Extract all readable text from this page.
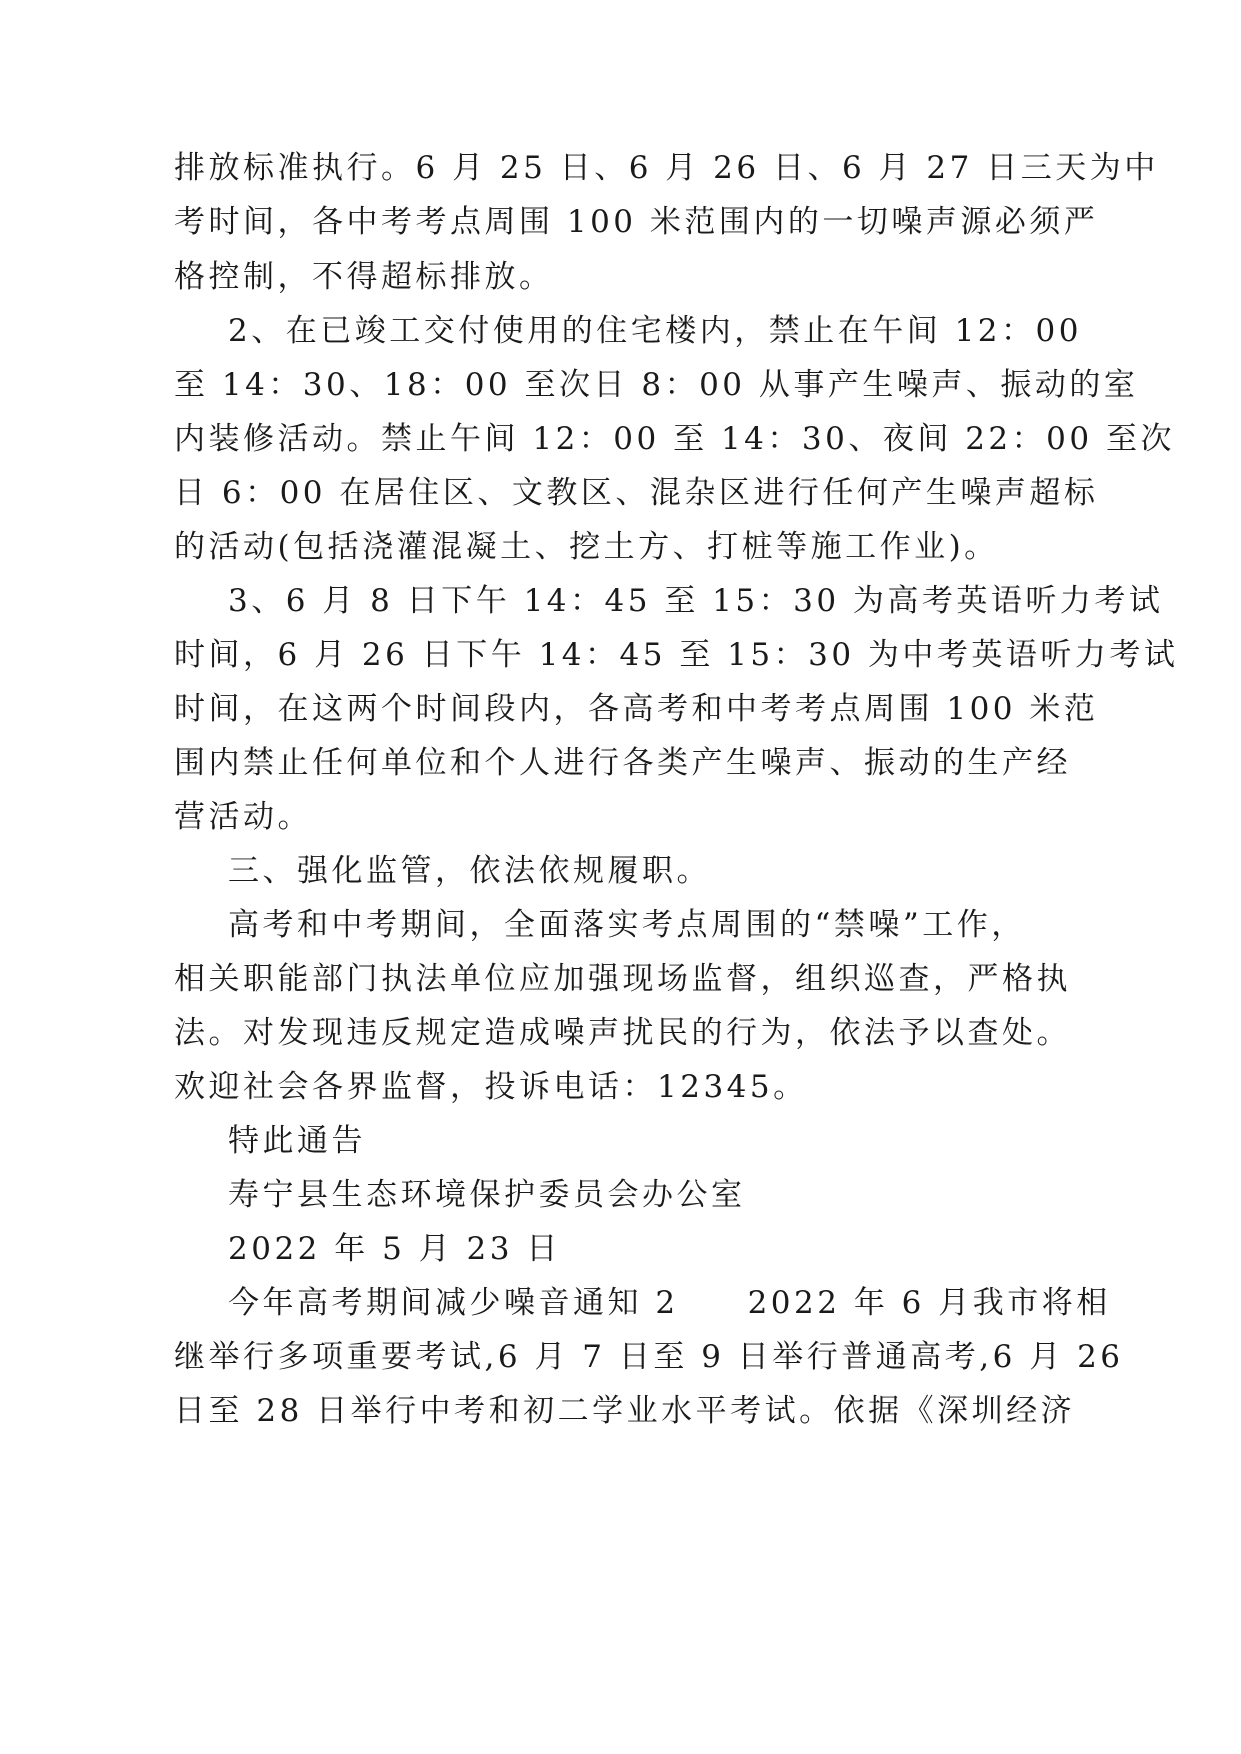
排放标准执行。6 月 25 日、6 月 26 日、6 月 27 日三天为中
考时间，各中考考点周围 100 米范围内的一切噪声源必须严
格控制，不得超标排放。
2、在已竣工交付使用的住宅楼内，禁止在午间 12：00
至 14：30、18：00 至次日 8：00 从事产生噪声、振动的室
内装修活动。禁止午间 12：00 至 14：30、夜间 22：00 至次
日 6：00 在居住区、文教区、混杂区进行任何产生噪声超标
的活动(包括浇灌混凝土、挖土方、打桩等施工作业)。
3、6 月 8 日下午 14：45 至 15：30 为高考英语听力考试
时间，6 月 26 日下午 14：45 至 15：30 为中考英语听力考试
时间，在这两个时间段内，各高考和中考考点周围 100 米范
围内禁止任何单位和个人进行各类产生噪声、振动的生产经
营活动。
三、强化监管，依法依规履职。
高考和中考期间，全面落实考点周围的“禁噪”工作，
相关职能部门执法单位应加强现场监督，组织巡查，严格执
法。对发现违反规定造成噪声扰民的行为，依法予以查处。
欢迎社会各界监督，投诉电话：12345。
特此通告
寿宁县生态环境保护委员会办公室
2022 年 5 月 23 日
今年高考期间减少噪音通知 2　　2022 年 6 月我市将相
继举行多项重要考试,6 月 7 日至 9 日举行普通高考,6 月 26
日至 28 日举行中考和初二学业水平考试。依据《深圳经济
